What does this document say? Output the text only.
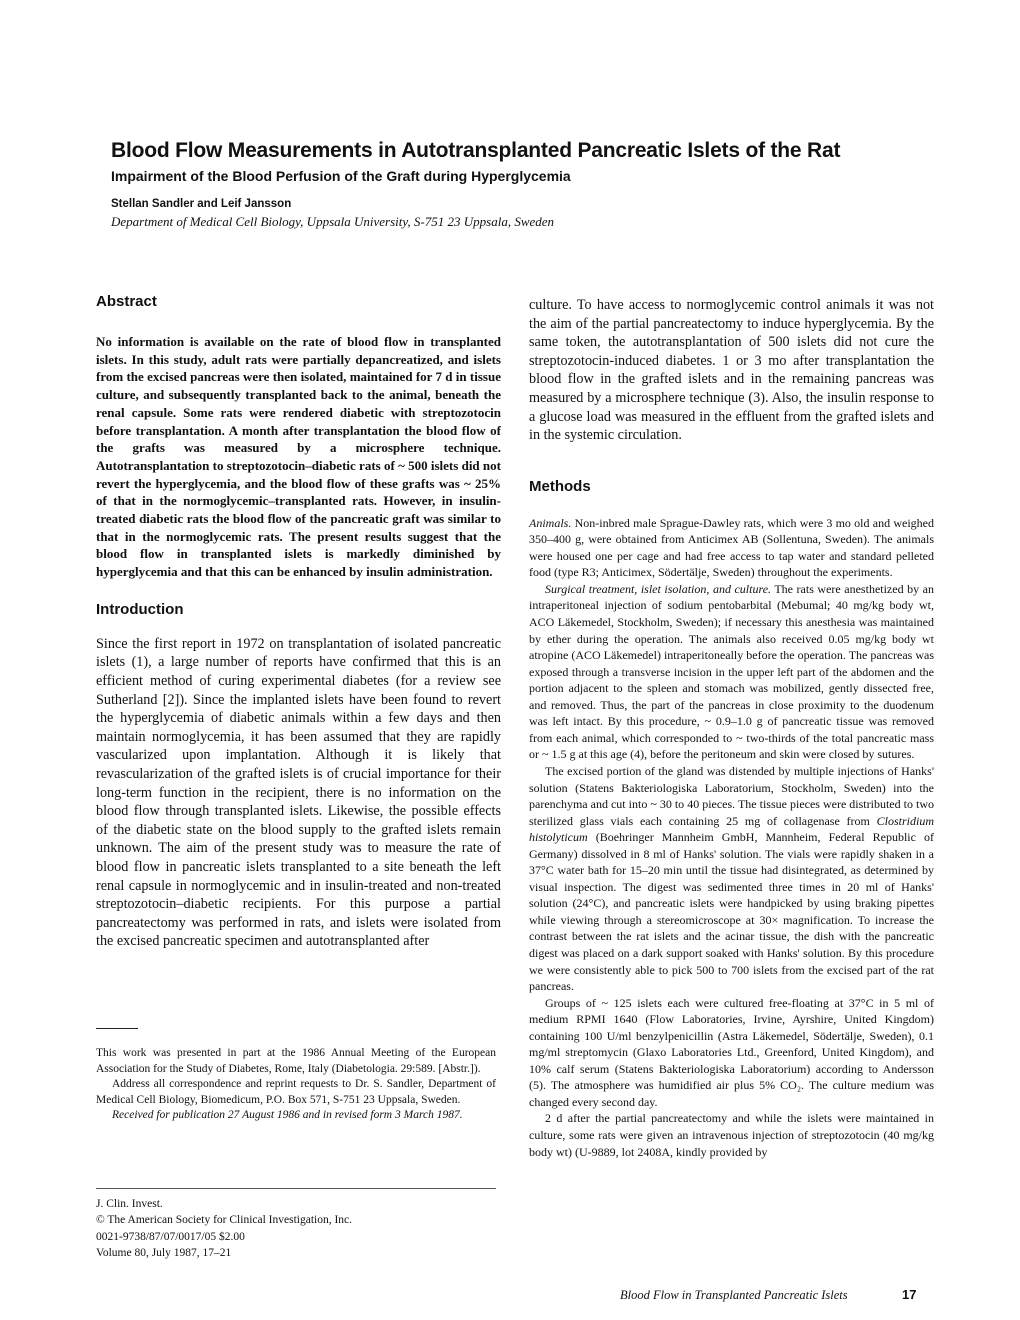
Blood Flow Measurements in Autotransplanted Pancreatic Islets of the Rat
Impairment of the Blood Perfusion of the Graft during Hyperglycemia
Stellan Sandler and Leif Jansson
Department of Medical Cell Biology, Uppsala University, S-751 23 Uppsala, Sweden
Abstract

No information is available on the rate of blood flow in transplanted islets. In this study, adult rats were partially depancreatized, and islets from the excised pancreas were then isolated, maintained for 7 d in tissue culture, and subsequently transplanted back to the animal, beneath the renal capsule. Some rats were rendered diabetic with streptozotocin before transplantation. A month after transplantation the blood flow of the grafts was measured by a microsphere technique. Autotransplantation to streptozotocin–diabetic rats of ~ 500 islets did not revert the hyperglycemia, and the blood flow of these grafts was ~ 25% of that in the normoglycemic–transplanted rats. However, in insulin-treated diabetic rats the blood flow of the pancreatic graft was similar to that in the normoglycemic rats. The present results suggest that the blood flow in transplanted islets is markedly diminished by hyperglycemia and that this can be enhanced by insulin administration.

Introduction

Since the first report in 1972 on transplantation of isolated pancreatic islets (1), a large number of reports have confirmed that this is an efficient method of curing experimental diabetes (for a review see Sutherland [2]). Since the implanted islets have been found to revert the hyperglycemia of diabetic animals within a few days and then maintain normoglycemia, it has been assumed that they are rapidly vascularized upon implantation. Although it is likely that revascularization of the grafted islets is of crucial importance for their long-term function in the recipient, there is no information on the blood flow through transplanted islets. Likewise, the possible effects of the diabetic state on the blood supply to the grafted islets remain unknown. The aim of the present study was to measure the rate of blood flow in pancreatic islets transplanted to a site beneath the left renal capsule in normoglycemic and in insulin-treated and non-treated streptozotocin–diabetic recipients. For this purpose a partial pancreatectomy was performed in rats, and islets were isolated from the excised pancreatic specimen and autotransplanted after

This work was presented in part at the 1986 Annual Meeting of the European Association for the Study of Diabetes, Rome, Italy (Diabetologia. 29:589. [Abstr.]).

Address all correspondence and reprint requests to Dr. S. Sandler, Department of Medical Cell Biology, Biomedicum, P.O. Box 571, S-751 23 Uppsala, Sweden.

Received for publication 27 August 1986 and in revised form 3 March 1987.

J. Clin. Invest.

© The American Society for Clinical Investigation, Inc.

0021-9738/87/07/0017/05 $2.00

Volume 80, July 1987, 17–21

culture. To have access to normoglycemic control animals it was not the aim of the partial pancreatectomy to induce hyperglycemia. By the same token, the autotransplantation of 500 islets did not cure the streptozotocin-induced diabetes. 1 or 3 mo after transplantation the blood flow in the grafted islets and in the remaining pancreas was measured by a microsphere technique (3). Also, the insulin response to a glucose load was measured in the effluent from the grafted islets and in the systemic circulation.

Methods

Animals. Non-inbred male Sprague-Dawley rats, which were 3 mo old and weighed 350–400 g, were obtained from Anticimex AB (Sollentuna, Sweden). The animals were housed one per cage and had free access to tap water and standard pelleted food (type R3; Anticimex, Södertälje, Sweden) throughout the experiments.

Surgical treatment, islet isolation, and culture. The rats were anesthetized by an intraperitoneal injection of sodium pentobarbital (Mebumal; 40 mg/kg body wt, ACO Läkemedel, Stockholm, Sweden); if necessary this anesthesia was maintained by ether during the operation. The animals also received 0.05 mg/kg body wt atropine (ACO Läkemedel) intraperitoneally before the operation. The pancreas was exposed through a transverse incision in the upper left part of the abdomen and the portion adjacent to the spleen and stomach was mobilized, gently dissected free, and removed. Thus, the part of the pancreas in close proximity to the duodenum was left intact. By this procedure, ~ 0.9–1.0 g of pancreatic tissue was removed from each animal, which corresponded to ~ two-thirds of the total pancreatic mass or ~ 1.5 g at this age (4), before the peritoneum and skin were closed by sutures.

The excised portion of the gland was distended by multiple injections of Hanks' solution (Statens Bakteriologiska Laboratorium, Stockholm, Sweden) into the parenchyma and cut into ~ 30 to 40 pieces. The tissue pieces were distributed to two sterilized glass vials each containing 25 mg of collagenase from Clostridium histolyticum (Boehringer Mannheim GmbH, Mannheim, Federal Republic of Germany) dissolved in 8 ml of Hanks' solution. The vials were rapidly shaken in a 37°C water bath for 15–20 min until the tissue had disintegrated, as determined by visual inspection. The digest was sedimented three times in 20 ml of Hanks' solution (24°C), and pancreatic islets were handpicked by using braking pipettes while viewing through a stereomicroscope at 30× magnification. To increase the contrast between the rat islets and the acinar tissue, the dish with the pancreatic digest was placed on a dark support soaked with Hanks' solution. By this procedure we were consistently able to pick 500 to 700 islets from the excised part of the rat pancreas.

Groups of ~ 125 islets each were cultured free-floating at 37°C in 5 ml of medium RPMI 1640 (Flow Laboratories, Irvine, Ayrshire, United Kingdom) containing 100 U/ml benzylpenicillin (Astra Läkemedel, Södertälje, Sweden), 0.1 mg/ml streptomycin (Glaxo Laboratories Ltd., Greenford, United Kingdom), and 10% calf serum (Statens Bakteriologiska Laboratorium) according to Andersson (5). The atmosphere was humidified air plus 5% CO₂. The culture medium was changed every second day.

2 d after the partial pancreatectomy and while the islets were maintained in culture, some rats were given an intravenous injection of streptozotocin (40 mg/kg body wt) (U-9889, lot 2408A, kindly provided by

Blood Flow in Transplanted Pancreatic Islets	17
